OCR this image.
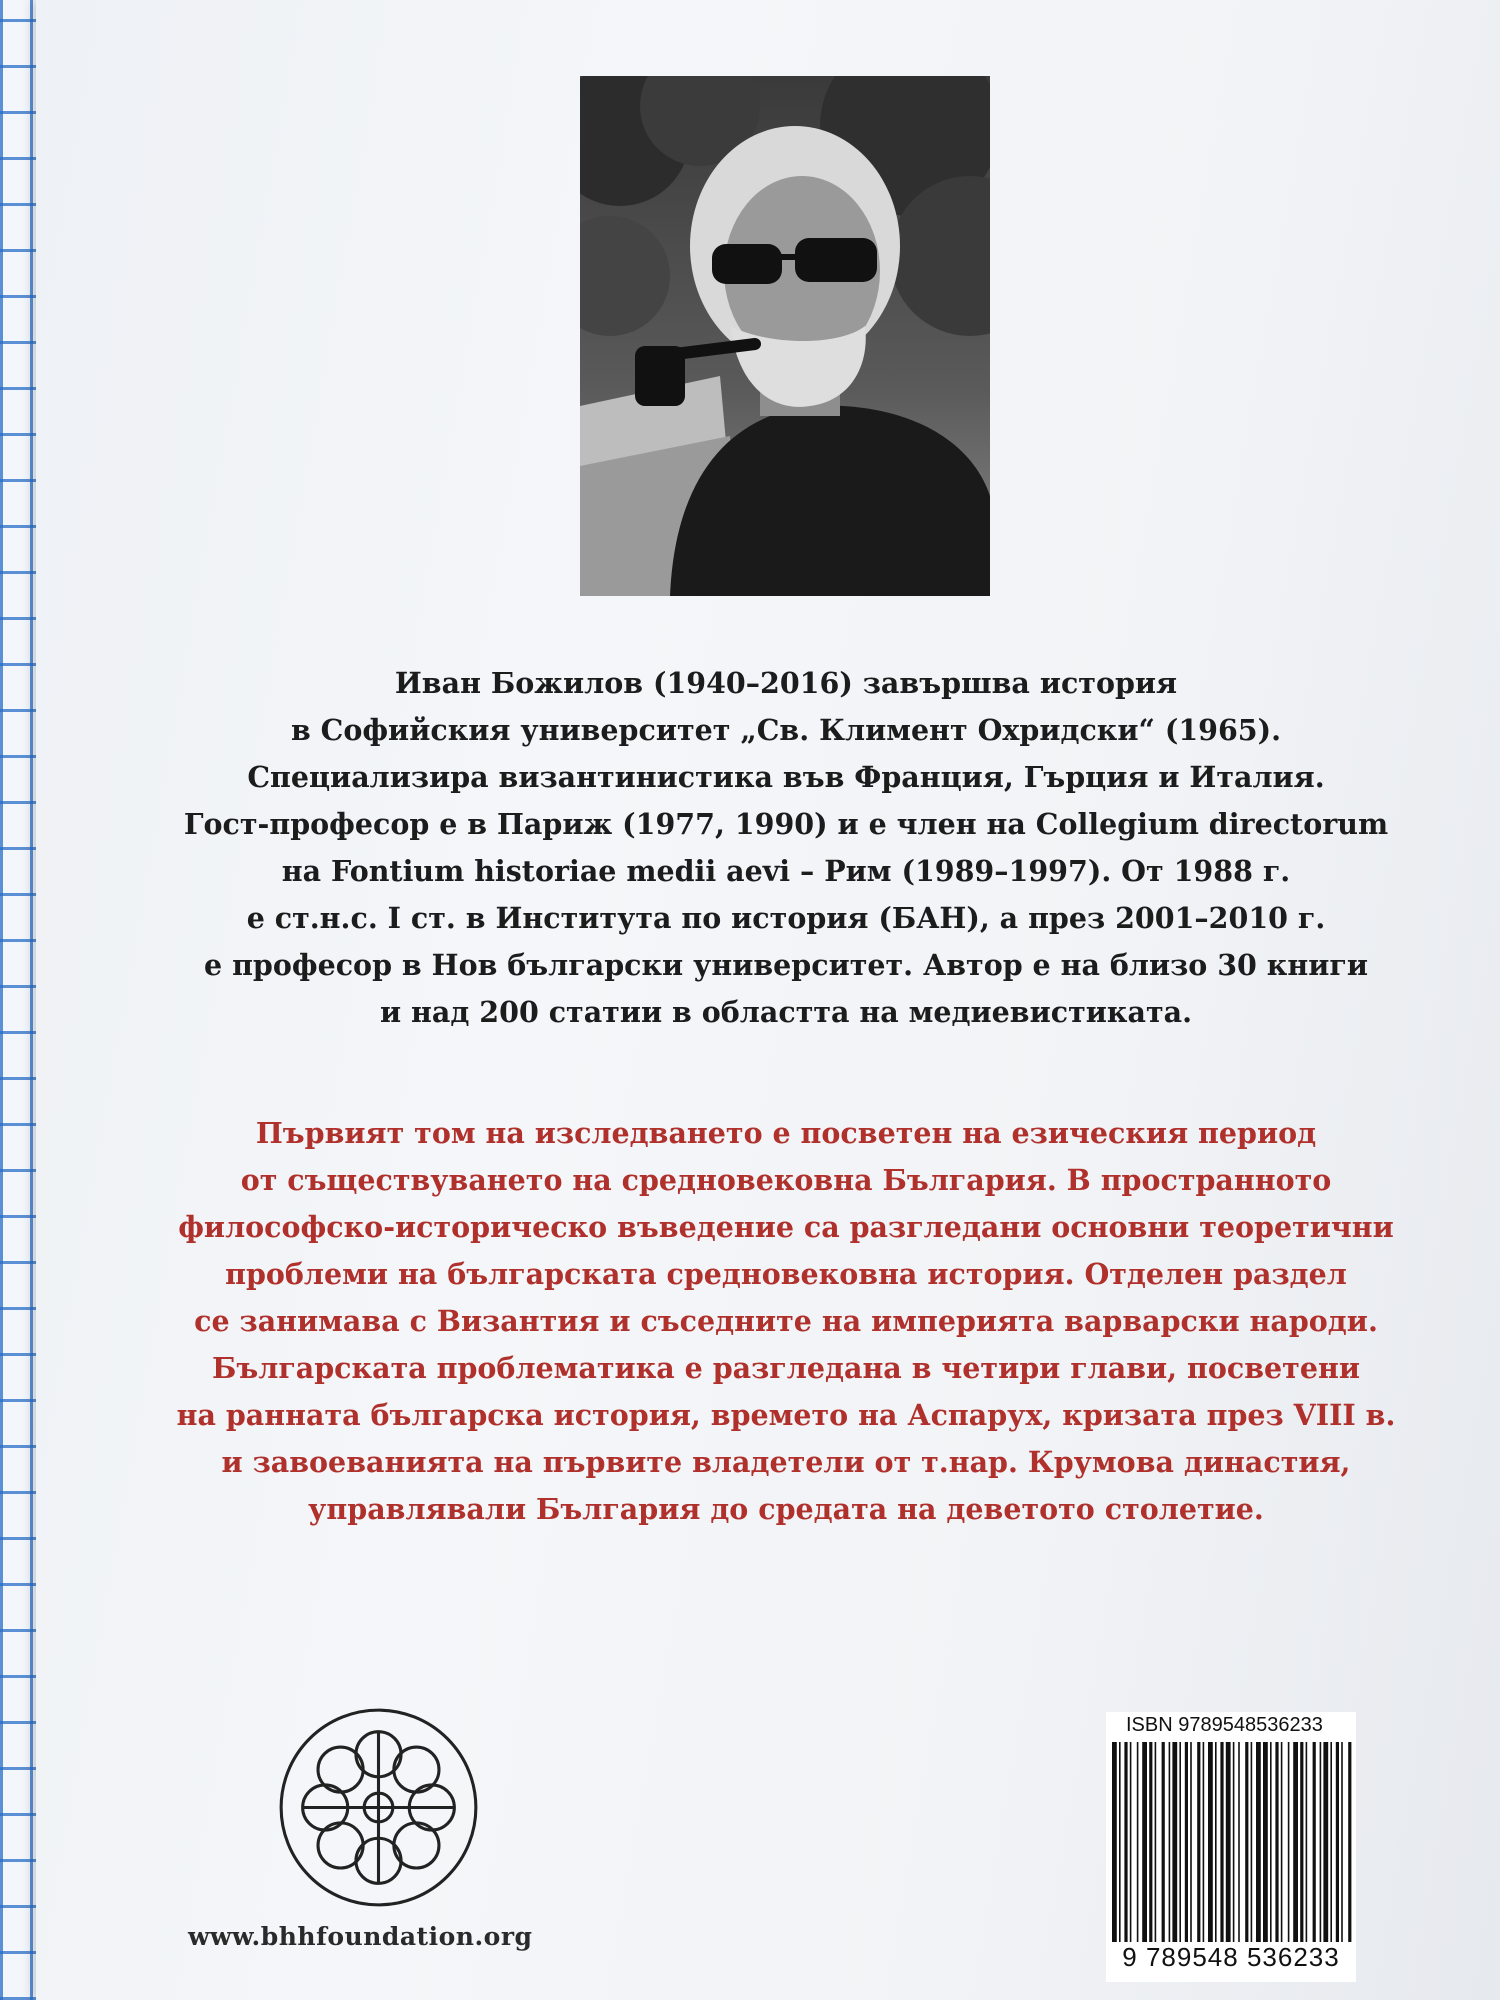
Иван Божилов (1940–2016) завършва история
в Софийския университет „Св. Климент Охридски“ (1965).
Специализира византинистика във Франция, Гърция и Италия.
Гост-професор е в Париж (1977, 1990) и е член на Collegium directorum
на Fontium historiae medii aevi – Рим (1989–1997). От 1988 г.
е ст.н.с. I ст. в Института по история (БАН), а през 2001–2010 г.
е професор в Нов български университет. Автор е на близо 30 книги
и над 200 статии в областта на медиевистиката.
Първият том на изследването е посветен на езическия период
от съществуването на средновековна България. В пространното
философско-историческо въведение са разгледани основни теоретични
проблеми на българската средновековна история. Отделен раздел
се занимава с Византия и съседните на империята варварски народи.
Българската проблематика е разгледана в четири глави, посветени
на ранната българска история, времето на Аспарух, кризата през VIII в.
и завоеванията на първите владетели от т.нар. Крумова династия,
управлявали България до средата на деветото столетие.
www.bhhfoundation.org
ISBN 9789548536233
9 789548 536233
